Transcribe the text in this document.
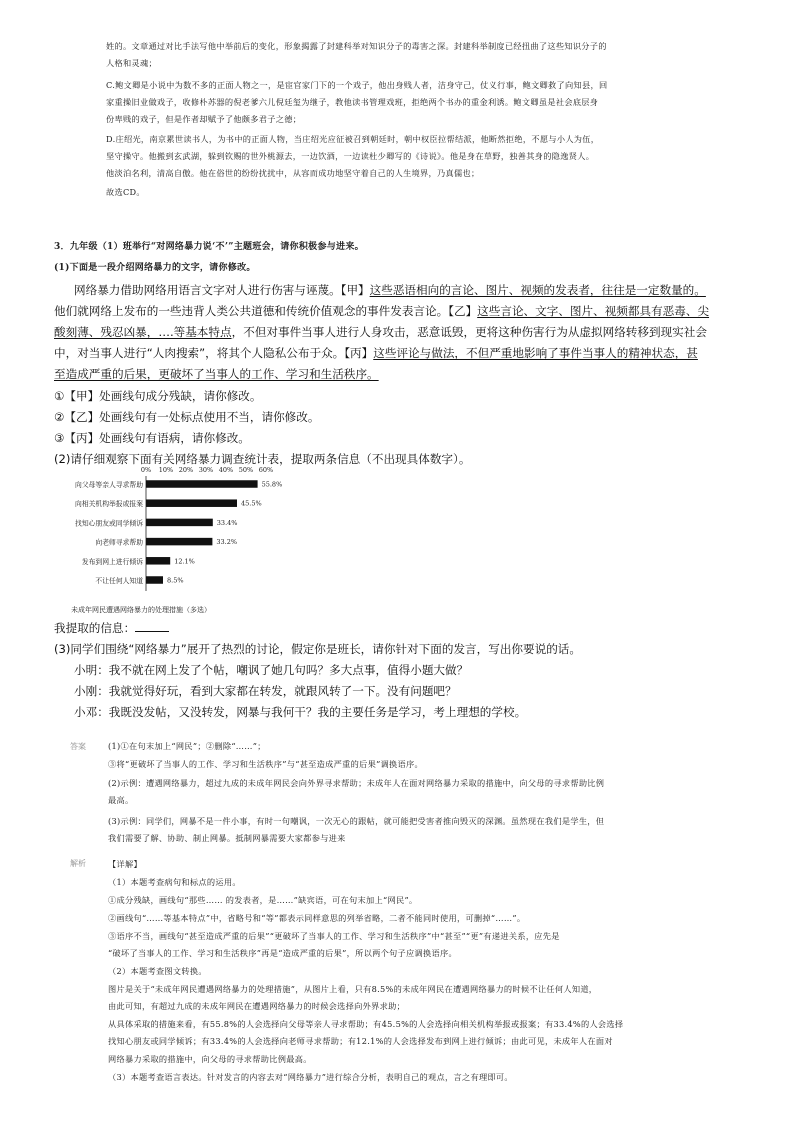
姓的。文章通过对比手法写他中举前后的变化，形象揭露了封建科举对知识分子的毒害之深。封建科举制度已经扭曲了这些知识分子的
人格和灵魂；
C.鲍文卿是小说中为数不多的正面人物之一，是宦官家门下的一个戏子，他出身贱人者，洁身守己，仗义行事，鲍文卿救了向知县，回
家重操旧业做戏子，收修朴苏器的倪老爹六儿倪廷玺为继子，教他读书管理戏班，拒绝两个书办的重金利诱。鲍文卿虽是社会底层身
份卑贱的戏子，但是作者却赋予了他颇多君子之德；
D.庄绍光，南京累世读书人，为书中的正面人物，当庄绍光应征被召到朝廷时，朝中权臣拉帮结派，他断然拒绝，不愿与小人为伍，
坚守操守。他搬到玄武湖，躲到钦赐的世外桃源去，一边饮酒，一边读杜少卿写的《诗说》。他是身在草野，独善其身的隐逸贤人。
他淡泊名利，清高自傲。他在俗世的纷纷扰扰中，从容而成功地坚守着自己的人生境界，乃真儒也；
故选CD。
3．九年级（1）班举行“对网络暴力说‘不’”主题班会，请你积极参与进来。
(1)下面是一段介绍网络暴力的文字，请你修改。
网络暴力借助网络用语言文字对人进行伤害与诬蔑。【甲】这些恶语相向的言论、图片、视频的发表者，往往是一定数量的。
他们就网络上发布的一些违背人类公共道德和传统价值观念的事件发表言论。【乙】这些言论、文字、图片、视频都具有恶毒、尖
酸刻薄、残忍凶暴，….等基本特点，不但对事件当事人进行人身攻击，恶意诋毁，更将这种伤害行为从虚拟网络转移到现实社会
中，对当事人进行“人肉搜索”，将其个人隐私公布于众。【丙】这些评论与做法，不但严重地影响了事件当事人的精神状态，甚
至造成严重的后果，更破坏了当事人的工作、学习和生活秩序。
①【甲】处画线句成分残缺，请你修改。
②【乙】处画线句有一处标点使用不当，请你修改。
③【丙】处画线句有语病，请你修改。
(2)请仔细观察下面有关网络暴力调查统计表，提取两条信息（不出现具体数字）。
0% 10% 20% 30% 40% 50% 60%
向父母等亲人寻求帮助
向相关机构举报或报案
找知心朋友或同学倾诉
向老师寻求帮助
发布到网上进行倾诉
不让任何人知道
55.8%
45.5%
33.4%
33.2%
12.1%
8.5%
未成年网民遭遇网络暴力的处理措施（多选）
我提取的信息：
(3)同学们围绕“网络暴力”展开了热烈的讨论，假定你是班长，请你针对下面的发言，写出你要说的话。
小明：我不就在网上发了个帖，嘲讽了她几句吗？多大点事，值得小题大做？
小刚：我就觉得好玩，看到大家都在转发，就跟风转了一下。没有问题吧？
小邓：我既没发帖，又没转发，网暴与我何干？我的主要任务是学习，考上理想的学校。
答案	(1)①在句末加上“网民”；②删除“……”；
③将“更破坏了当事人的工作、学习和生活秩序”与“甚至造成严重的后果”调换语序。
(2)示例：遭遇网络暴力，超过九成的未成年网民会向外界寻求帮助；未成年人在面对网络暴力采取的措施中，向父母的寻求帮助比例
最高。
(3)示例：同学们，网暴不是一件小事，有时一句嘲讽，一次无心的跟帖，就可能把受害者推向毁灭的深渊。虽然现在我们是学生，但
我们需要了解、协助、制止网暴。抵制网暴需要大家都参与进来
解析	【详解】
（1）本题考查病句和标点的运用。
①成分残缺，画线句“那些…… 的发表者，是……”缺宾语，可在句末加上“网民”。
②画线句“……等基本特点”中，省略号和“等”都表示同样意思的列举省略，二者不能同时使用，可删掉“……”。
③语序不当，画线句“甚至造成严重的后果”“更破坏了当事人的工作、学习和生活秩序”中“甚至”“更”有递进关系，应先是
“破坏了当事人的工作、学习和生活秩序”再是“造成严重的后果”，所以两个句子应调换语序。
（2）本题考查图文转换。
图片是关于“未成年网民遭遇网络暴力的处理措施”，从图片上看，只有8.5%的未成年网民在遭遇网络暴力的时候不让任何人知道，
由此可知，有超过九成的未成年网民在遭遇网络暴力的时候会选择向外界求助；
从具体采取的措施来看，有55.8%的人会选择向父母等亲人寻求帮助；有45.5%的人会选择向相关机构举报或报案；有33.4%的人会选择
找知心朋友或同学倾诉；有33.4%的人会选择向老师寻求帮助；有12.1%的人会选择发布到网上进行倾诉；由此可见，未成年人在面对
网络暴力采取的措施中，向父母的寻求帮助比例最高。
（3）本题考查语言表达。针对发言的内容去对“网络暴力”进行综合分析，表明自己的观点，言之有理即可。
